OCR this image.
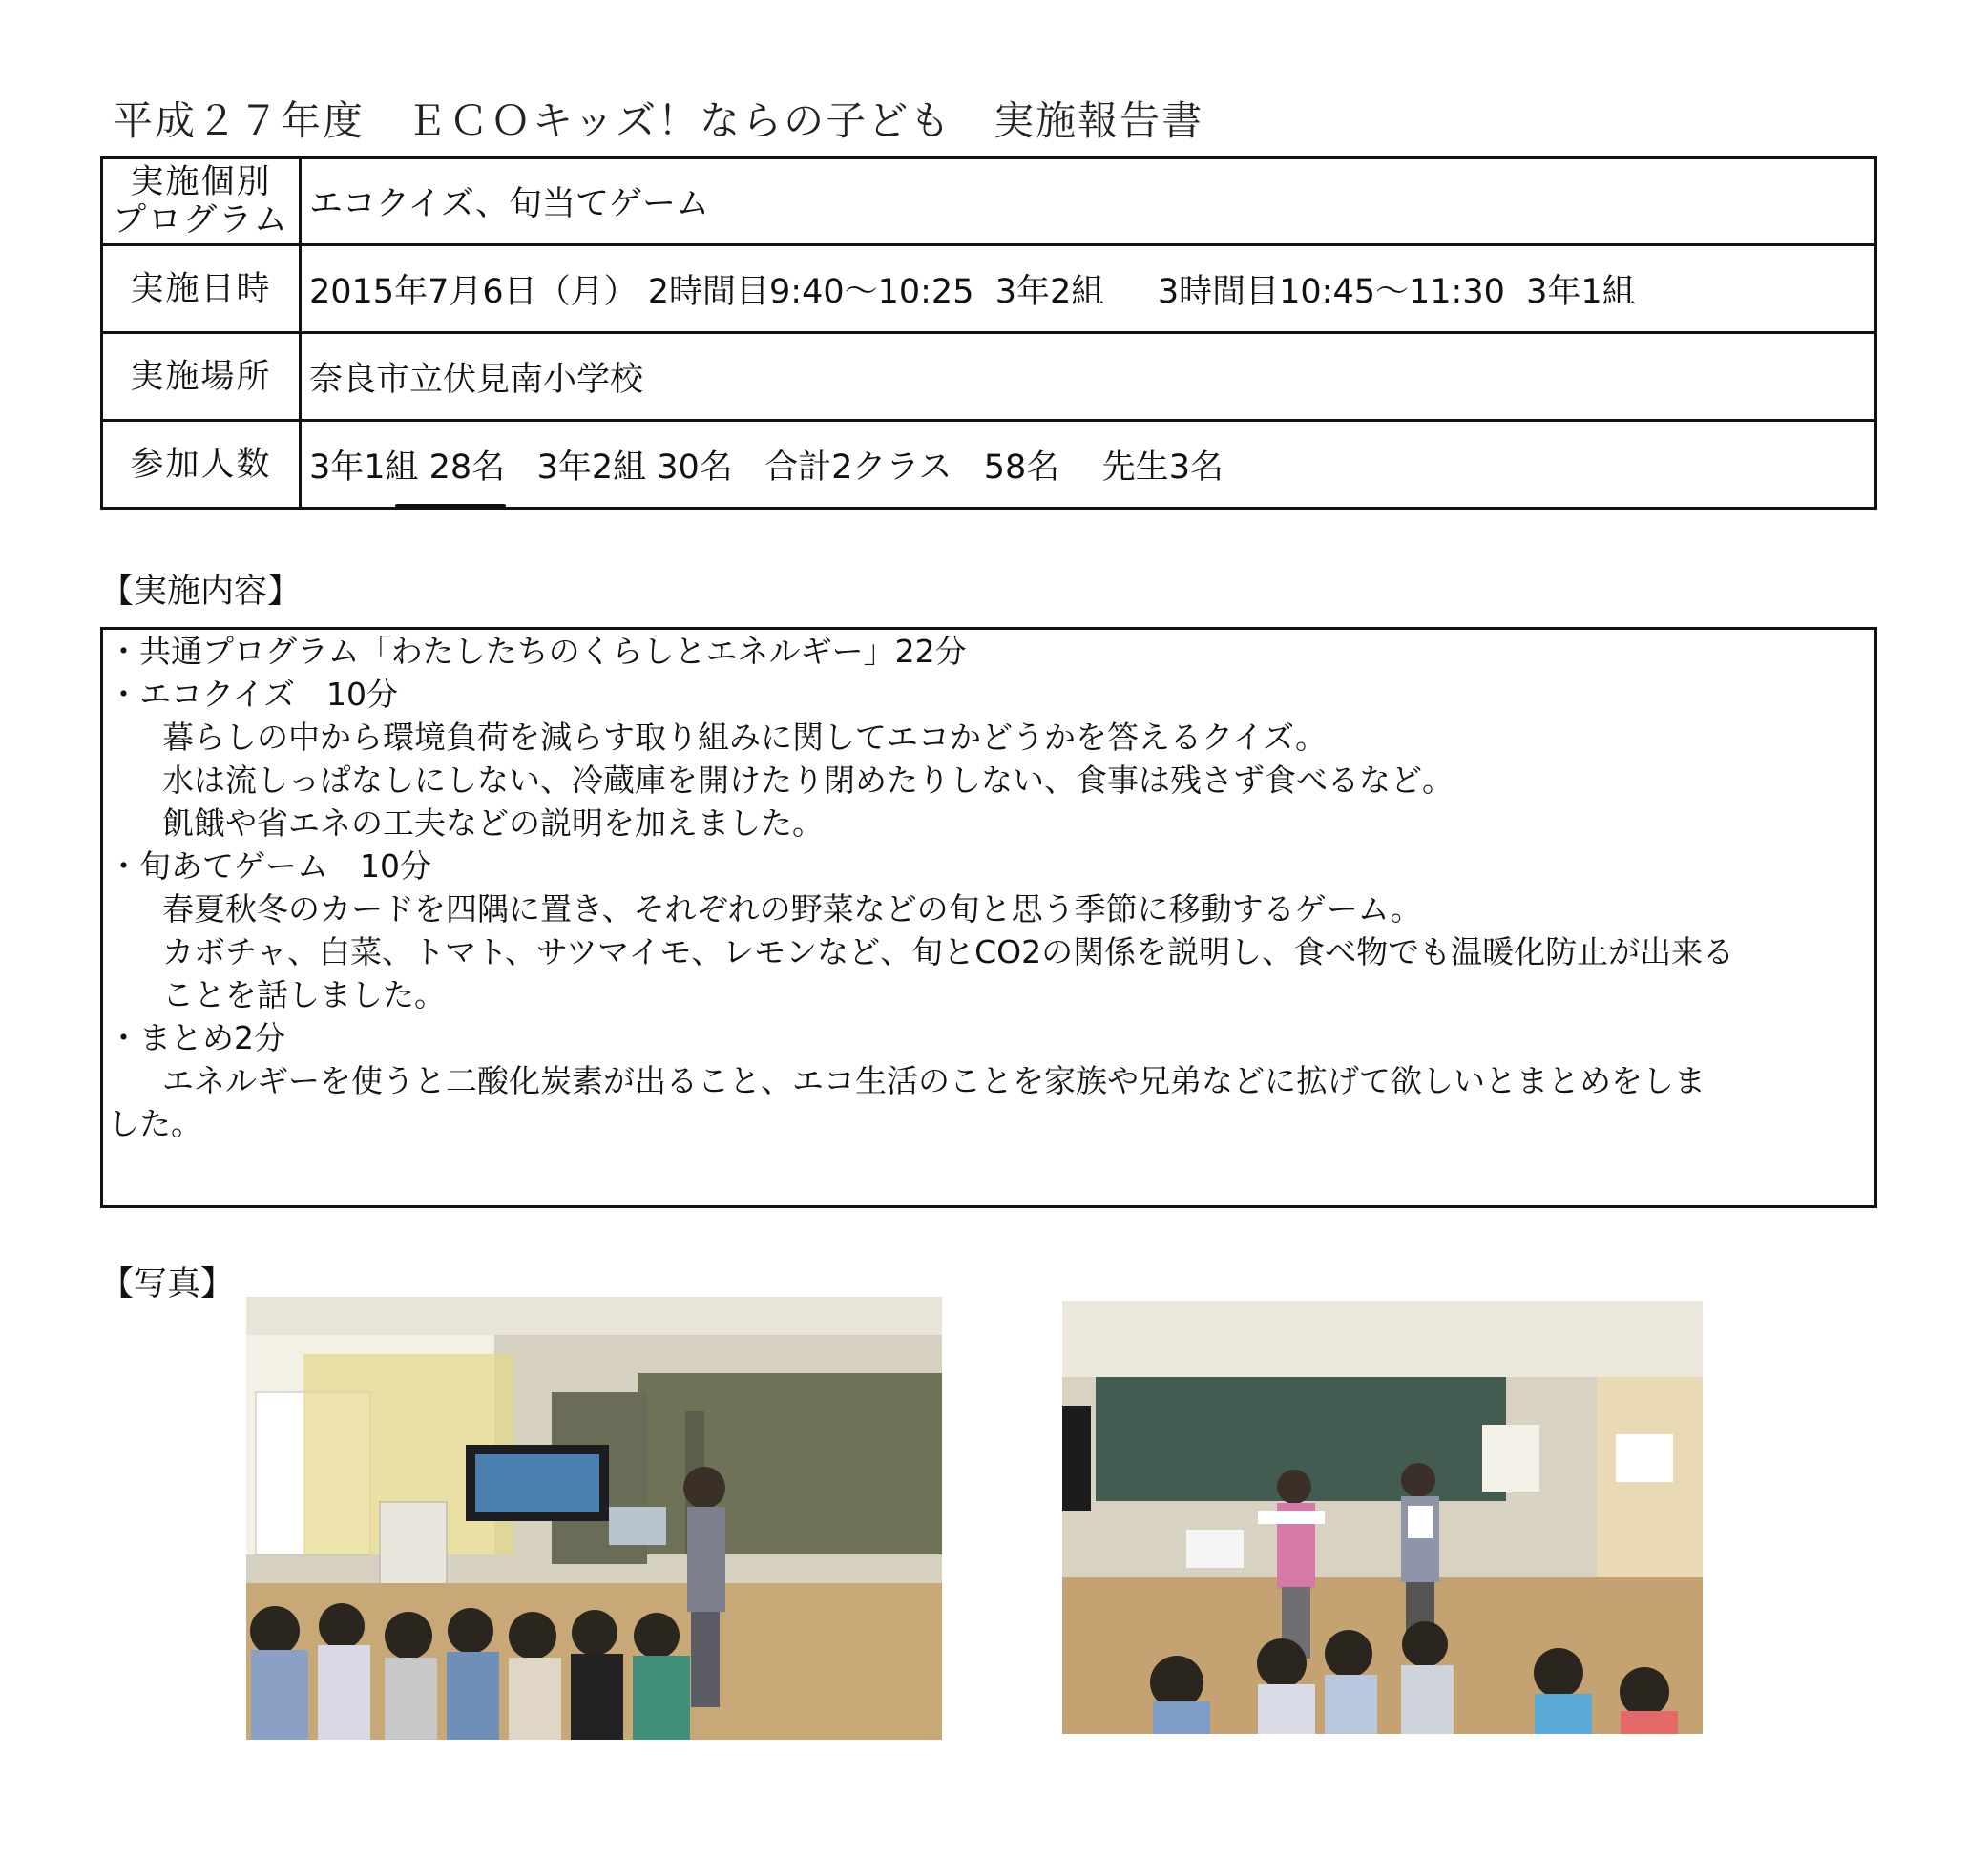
平成２７年度　ＥＣＯキッズ！ならの子ども　実施報告書
実施個別
プログラム	エコクイズ、旬当てゲーム
実施日時	2015年7月6日（月） 2時間目9:40〜10:25  3年2組     3時間目10:45〜11:30  3年1組
実施場所	奈良市立伏見南小学校
参加人数	3年1組 28名   3年2組 30名   合計2クラス   58名    先生3名
【実施内容】
・共通プログラム「わたしたちのくらしとエネルギー」22分
・エコクイズ　10分
暮らしの中から環境負荷を減らす取り組みに関してエコかどうかを答えるクイズ。
水は流しっぱなしにしない、冷蔵庫を開けたり閉めたりしない、食事は残さず食べるなど。
飢餓や省エネの工夫などの説明を加えました。
・旬あてゲーム　10分
春夏秋冬のカードを四隅に置き、それぞれの野菜などの旬と思う季節に移動するゲーム。
カボチャ、白菜、トマト、サツマイモ、レモンなど、旬とCO2の関係を説明し、食べ物でも温暖化防止が出来る
ことを話しました。
・まとめ2分
エネルギーを使うと二酸化炭素が出ること、エコ生活のことを家族や兄弟などに拡げて欲しいとまとめをしま
した。
【写真】
